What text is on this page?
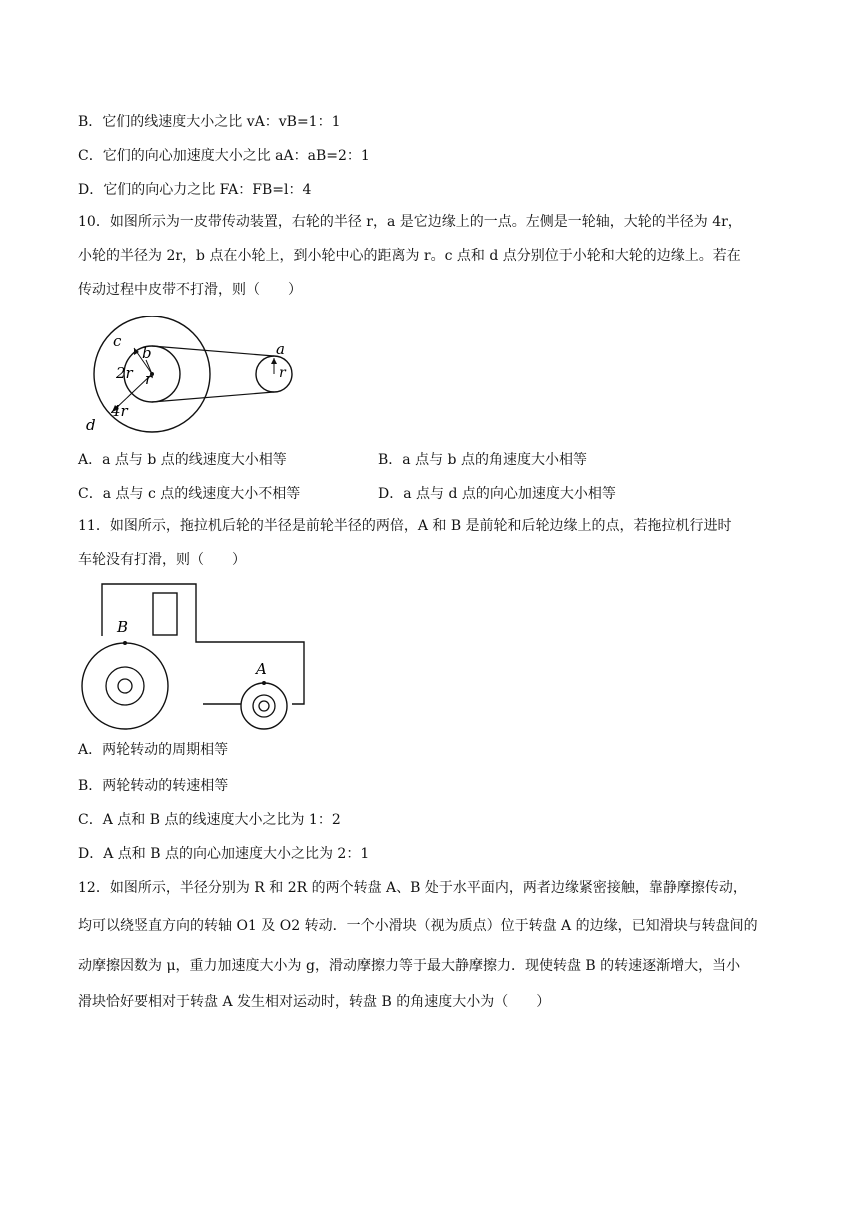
B．它们的线速度大小之比 vA：vB=1：1
C．它们的向心加速度大小之比 aA：aB=2：1
D．它们的向心力之比 FA：FB=l：4
10．如图所示为一皮带传动装置，右轮的半径 r，a 是它边缘上的一点。左侧是一轮轴，大轮的半径为 4r，
小轮的半径为 2r，b 点在小轮上，到小轮中心的距离为 r。c 点和 d 点分别位于小轮和大轮的边缘上。若在
传动过程中皮带不打滑，则（　　）
c
b
2r r
4r
d
a
r
A．a 点与 b 点的线速度大小相等	B．a 点与 b 点的角速度大小相等
C．a 点与 c 点的线速度大小不相等	D．a 点与 d 点的向心加速度大小相等
11．如图所示，拖拉机后轮的半径是前轮半径的两倍，A 和 B 是前轮和后轮边缘上的点，若拖拉机行进时
车轮没有打滑，则（　　）
B
A
A．两轮转动的周期相等
B．两轮转动的转速相等
C．A 点和 B 点的线速度大小之比为 1：2
D．A 点和 B 点的向心加速度大小之比为 2：1
12．如图所示，半径分别为 R 和 2R 的两个转盘 A、B 处于水平面内，两者边缘紧密接触，靠静摩擦传动，
均可以绕竖直方向的转轴 O1 及 O2 转动．一个小滑块（视为质点）位于转盘 A 的边缘，已知滑块与转盘间的
动摩擦因数为 μ，重力加速度大小为 g，滑动摩擦力等于最大静摩擦力．现使转盘 B 的转速逐渐增大，当小
滑块恰好要相对于转盘 A 发生相对运动时，转盘 B 的角速度大小为（　　）
